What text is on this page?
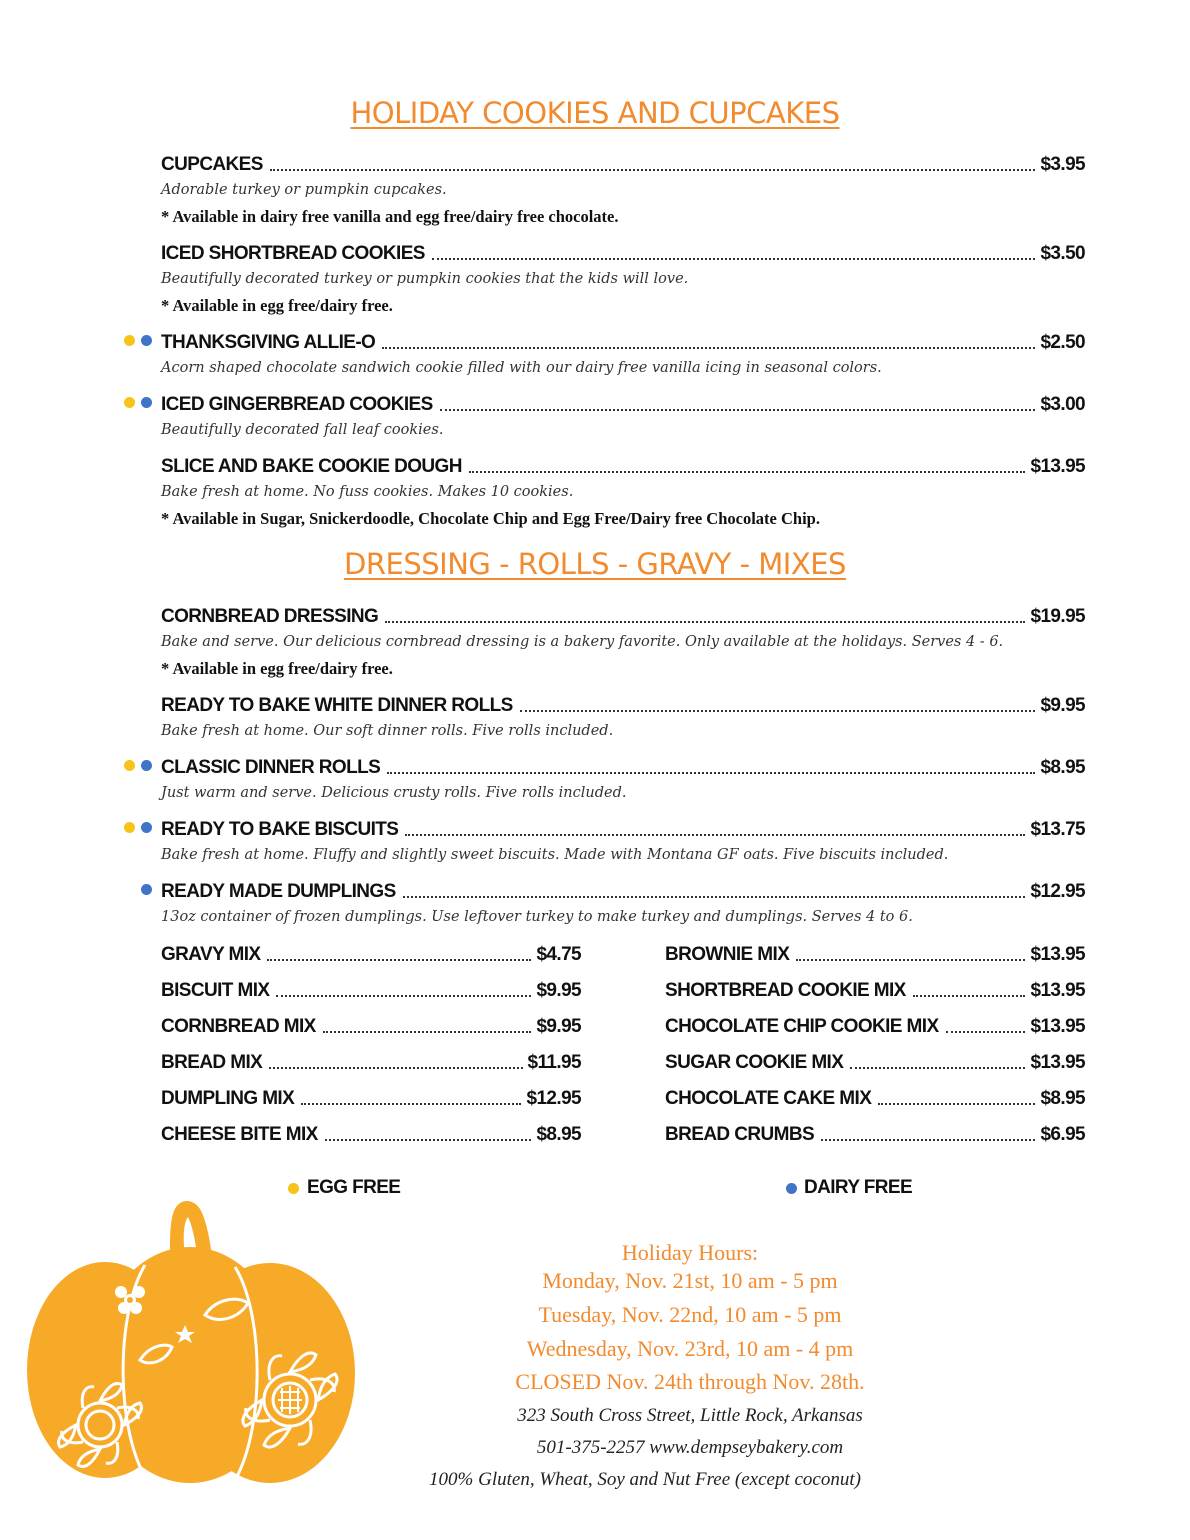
HOLIDAY COOKIES AND CUPCAKES
CUPCAKES	$3.95
Adorable turkey or pumpkin cupcakes.
* Available in dairy free vanilla and egg free/dairy free chocolate.
ICED SHORTBREAD COOKIES	$3.50
Beautifully decorated turkey or pumpkin cookies that the kids will love.
* Available in egg free/dairy free.
THANKSGIVING ALLIE-O	$2.50
Acorn shaped chocolate sandwich cookie filled with our dairy free vanilla icing in seasonal colors.
ICED GINGERBREAD COOKIES	$3.00
Beautifully decorated fall leaf cookies.
SLICE AND BAKE COOKIE DOUGH	$13.95
Bake fresh at home. No fuss cookies. Makes 10 cookies.
* Available in Sugar, Snickerdoodle, Chocolate Chip and Egg Free/Dairy free Chocolate Chip.
DRESSING - ROLLS - GRAVY - MIXES
CORNBREAD DRESSING	$19.95
Bake and serve. Our delicious cornbread dressing is a bakery favorite. Only available at the holidays. Serves 4 - 6.
* Available in egg free/dairy free.
READY TO BAKE WHITE DINNER ROLLS	$9.95
Bake fresh at home. Our soft dinner rolls. Five rolls included.
CLASSIC DINNER ROLLS	$8.95
Just warm and serve. Delicious crusty rolls. Five rolls included.
READY TO BAKE BISCUITS	$13.75
Bake fresh at home. Fluffy and slightly sweet biscuits. Made with Montana GF oats. Five biscuits included.
READY MADE DUMPLINGS	$12.95
13oz container of frozen dumplings. Use leftover turkey to make turkey and dumplings. Serves 4 to 6.
GRAVY MIX	$4.75
BISCUIT MIX	$9.95
CORNBREAD MIX	$9.95
BREAD MIX	$11.95
DUMPLING MIX	$12.95
CHEESE BITE MIX	$8.95
BROWNIE MIX	$13.95
SHORTBREAD COOKIE MIX	$13.95
CHOCOLATE CHIP COOKIE MIX	$13.95
SUGAR COOKIE MIX	$13.95
CHOCOLATE CAKE MIX	$8.95
BREAD CRUMBS	$6.95
EGG FREE	DAIRY FREE
Holiday Hours:
Monday, Nov. 21st, 10 am - 5 pm
Tuesday, Nov. 22nd, 10 am - 5 pm
Wednesday, Nov. 23rd, 10 am - 4 pm
CLOSED Nov. 24th through Nov. 28th.
323 South Cross Street, Little Rock, Arkansas
501-375-2257 www.dempseybakery.com
100% Gluten, Wheat, Soy and Nut Free (except coconut)
